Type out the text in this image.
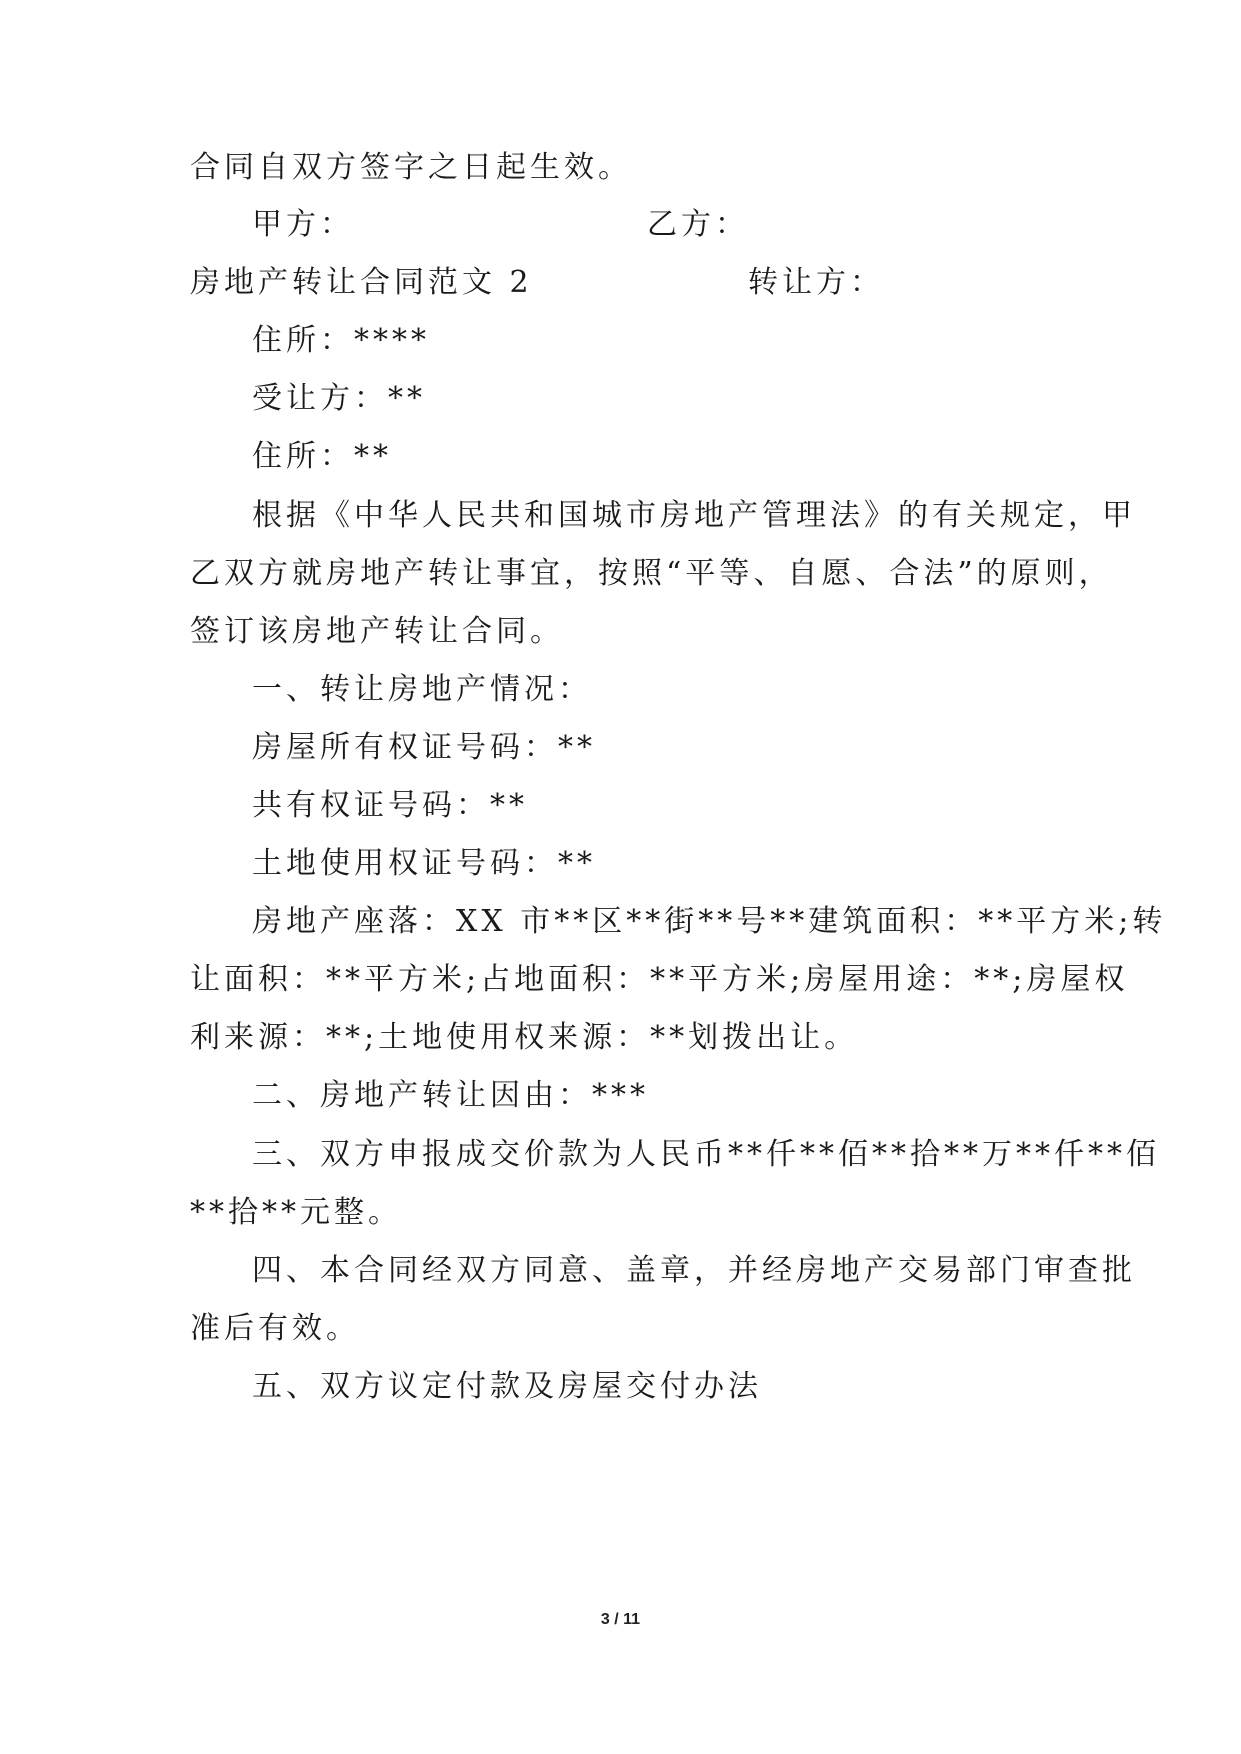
合同自双方签字之日起生效。
甲方：	乙方：
房地产转让合同范文 2	转让方：
住所：****
受让方：**
住所：**
根据《中华人民共和国城市房地产管理法》的有关规定，甲
乙双方就房地产转让事宜，按照“平等、自愿、合法”的原则，
签订该房地产转让合同。
一、转让房地产情况：
房屋所有权证号码：**
共有权证号码：**
土地使用权证号码：**
房地产座落：XX 市**区**街**号**建筑面积：**平方米;转
让面积：**平方米;占地面积：**平方米;房屋用途：**;房屋权
利来源：**;土地使用权来源：**划拨出让。
二、房地产转让因由：***
三、双方申报成交价款为人民币**仟**佰**拾**万**仟**佰
**拾**元整。
四、本合同经双方同意、盖章，并经房地产交易部门审查批
准后有效。
五、双方议定付款及房屋交付办法
3 / 11
